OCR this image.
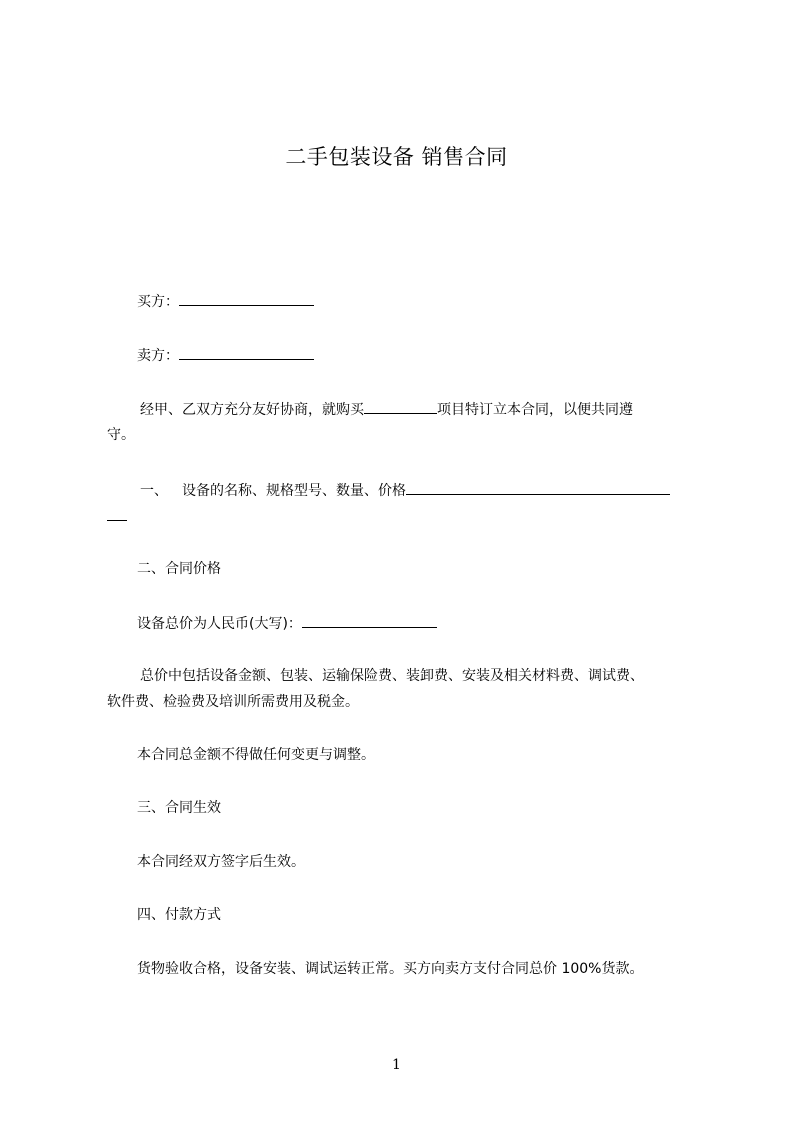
二手包装设备 销售合同
买方：
卖方：
经甲、乙双方充分友好协商，就购买	项目特订立本合同，以便共同遵
守。
一、 设备的名称、规格型号、数量、价格
二、合同价格
设备总价为人民币(大写)：
总价中包括设备金额、包装、运输保险费、装卸费、安装及相关材料费、调试费、
软件费、检验费及培训所需费用及税金。
本合同总金额不得做任何变更与调整。
三、合同生效
本合同经双方签字后生效。
四、付款方式
货物验收合格，设备安装、调试运转正常。买方向卖方支付合同总价 100%货款。
1
